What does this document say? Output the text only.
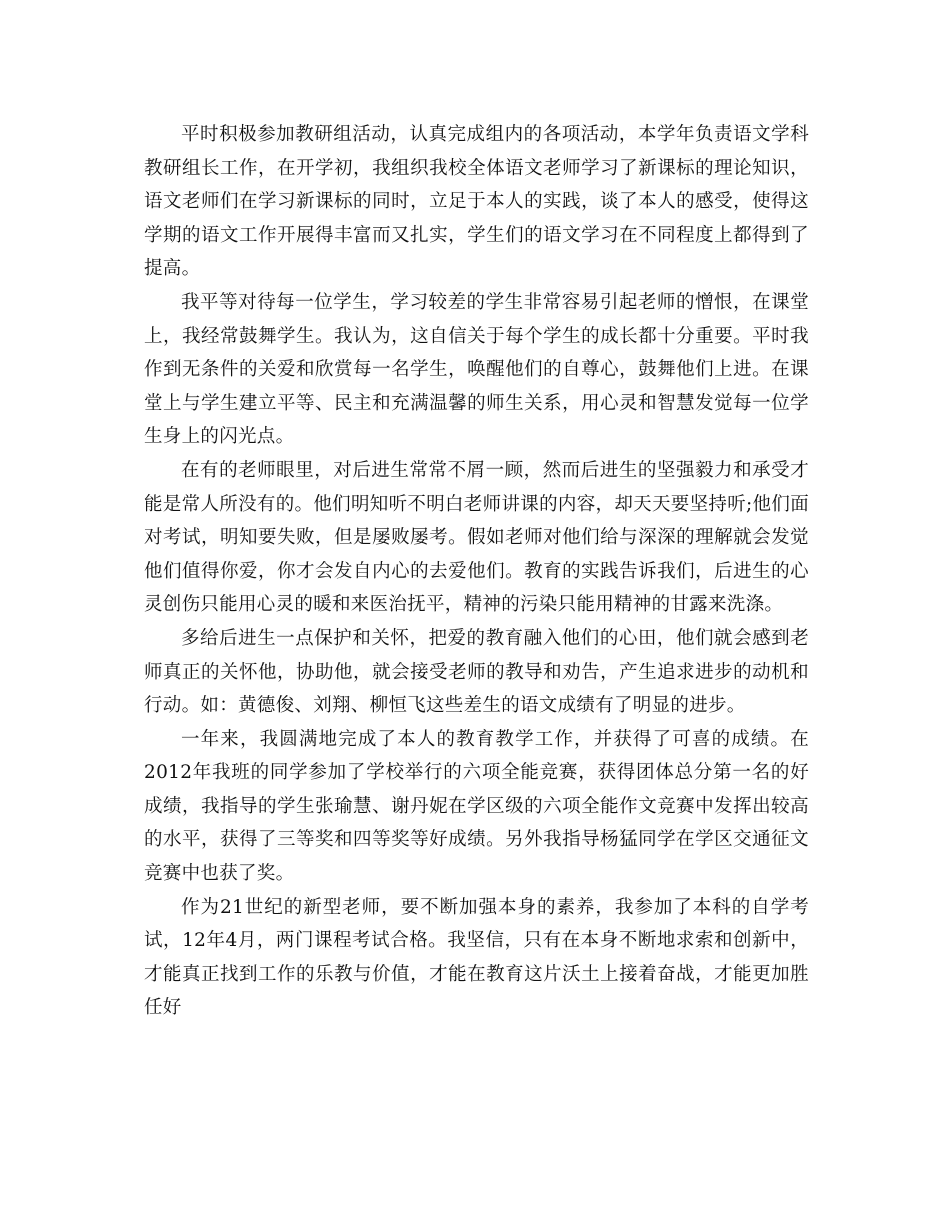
平时积极参加教研组活动，认真完成组内的各项活动，本学年负责语文学科教研组长工作，在开学初，我组织我校全体语文老师学习了新课标的理论知识，语文老师们在学习新课标的同时，立足于本人的实践，谈了本人的感受，使得这学期的语文工作开展得丰富而又扎实，学生们的语文学习在不同程度上都得到了提高。

我平等对待每一位学生，学习较差的学生非常容易引起老师的憎恨，在课堂上，我经常鼓舞学生。我认为，这自信关于每个学生的成长都十分重要。平时我作到无条件的关爱和欣赏每一名学生，唤醒他们的自尊心，鼓舞他们上进。在课堂上与学生建立平等、民主和充满温馨的师生关系，用心灵和智慧发觉每一位学生身上的闪光点。

在有的老师眼里，对后进生常常不屑一顾，然而后进生的坚强毅力和承受才能是常人所没有的。他们明知听不明白老师讲课的内容，却天天要坚持听;他们面对考试，明知要失败，但是屡败屡考。假如老师对他们给与深深的理解就会发觉他们值得你爱，你才会发自内心的去爱他们。教育的实践告诉我们，后进生的心灵创伤只能用心灵的暖和来医治抚平，精神的污染只能用精神的甘露来洗涤。

多给后进生一点保护和关怀，把爱的教育融入他们的心田，他们就会感到老师真正的关怀他，协助他，就会接受老师的教导和劝告，产生追求进步的动机和行动。如：黄德俊、刘翔、柳恒飞这些差生的语文成绩有了明显的进步。

一年来，我圆满地完成了本人的教育教学工作，并获得了可喜的成绩。在2012年我班的同学参加了学校举行的六项全能竞赛，获得团体总分第一名的好成绩，我指导的学生张瑜慧、谢丹妮在学区级的六项全能作文竞赛中发挥出较高的水平，获得了三等奖和四等奖等好成绩。另外我指导杨猛同学在学区交通征文竞赛中也获了奖。

作为21世纪的新型老师，要不断加强本身的素养，我参加了本科的自学考试，12年4月，两门课程考试合格。我坚信，只有在本身不断地求索和创新中，才能真正找到工作的乐教与价值，才能在教育这片沃土上接着奋战，才能更加胜任好
